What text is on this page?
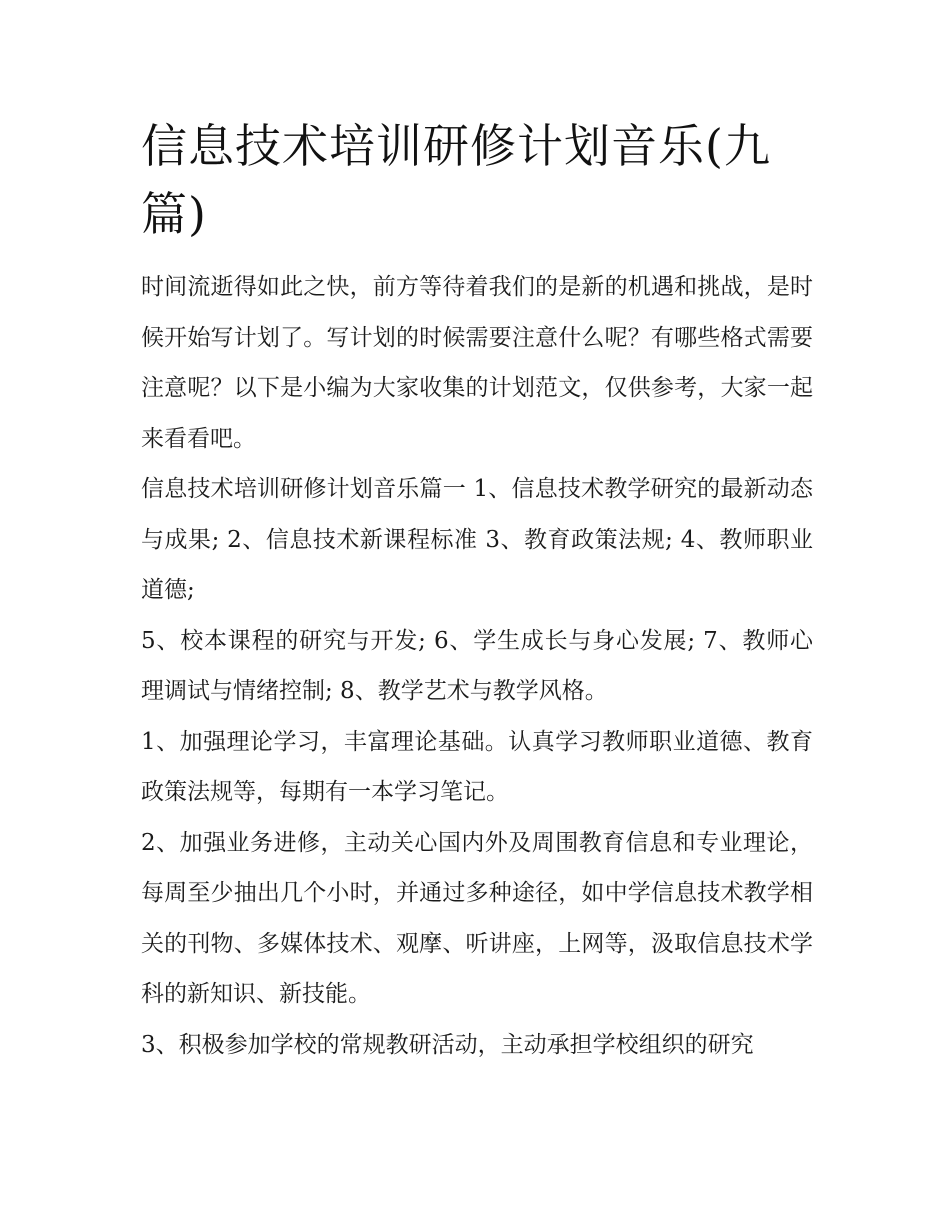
信息技术培训研修计划音乐(九篇)

时间流逝得如此之快，前方等待着我们的是新的机遇和挑战，是时候开始写计划了。写计划的时候需要注意什么呢？有哪些格式需要注意呢？以下是小编为大家收集的计划范文，仅供参考，大家一起来看看吧。

信息技术培训研修计划音乐篇一 1、信息技术教学研究的最新动态与成果; 2、信息技术新课程标准 3、教育政策法规; 4、教师职业道德;

5、校本课程的研究与开发; 6、学生成长与身心发展; 7、教师心理调试与情绪控制; 8、教学艺术与教学风格。

1、加强理论学习，丰富理论基础。认真学习教师职业道德、教育政策法规等，每期有一本学习笔记。

2、加强业务进修，主动关心国内外及周围教育信息和专业理论，每周至少抽出几个小时，并通过多种途径，如中学信息技术教学相关的刊物、多媒体技术、观摩、听讲座，上网等，汲取信息技术学科的新知识、新技能。

3、积极参加学校的常规教研活动，主动承担学校组织的研究
